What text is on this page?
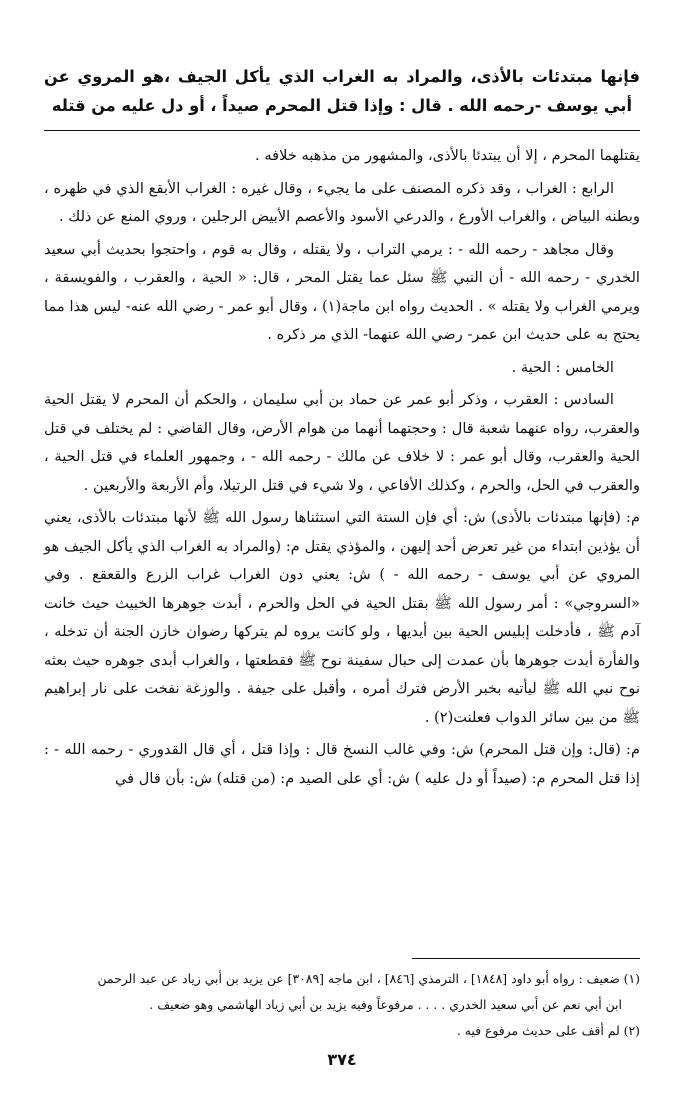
فإنها مبتدئات بالأذى، والمراد به الغراب الذي يأكل الجيف ،هو المروي عن أبي يوسف -رحمه الله . قال : وإذا قتل المحرم صيداً ، أو دل عليه من قتله

يقتلهما المحرم ، إلا أن يبتدئا بالأذى، والمشهور من مذهبه خلافه .

الرابع : الغراب ، وقد ذكره المصنف على ما يجيء ، وقال غيره : الغراب الأبقع الذي في ظهره ، وبطنه البياض ، والغراب الأورع ، والدرعي الأسود والأعصم الأبيض الرجلين ، وروي المنع عن ذلك .

وقال مجاهد - رحمه الله - : يرمي التراب ، ولا يقتله ، وقال به قوم ، واحتجوا بحديث أبي سعيد الخدري - رحمه الله - أن النبي ﷺ سئل عما يقتل المحر ، قال: « الحية ، والعقرب ، والفويسقة ، ويرمي الغراب ولا يقتله » . الحديث رواه ابن ماجة(١) ، وقال أبو عمر - رضي الله عنه- ليس هذا مما يحتج به على حديث ابن عمر- رضي الله عنهما- الذي مر ذكره .

الخامس : الحية .

السادس : العقرب ، وذكر أبو عمر عن حماد بن أبي سليمان ، والحكم أن المحرم لا يقتل الحية والعقرب، رواه عنهما شعبة قال : وحجتهما أنهما من هوام الأرض، وقال القاضي : لم يختلف في قتل الحية والعقرب، وقال أبو عمر : لا خلاف عن مالك - رحمه الله - ، وجمهور العلماء في قتل الحية ، والعقرب في الحل، والحرم ، وكذلك الأفاعي ، ولا شيء في قتل الرتيلا، وأم الأربعة والأربعين .

م: (فإنها مبتدئات بالأذى) ش: أي فإن الستة التي استثناها رسول الله ﷺ لأنها مبتدئات بالأذى، يعني أن يؤذين ابتداء من غير تعرض أحد إليهن ، والمؤذي يقتل م: (والمراد به الغراب الذي يأكل الجيف هو المروي عن أبي يوسف - رحمه الله - ) ش: يعني دون الغراب غراب الزرع والقعقع . وفي «السروجي» : أمر رسول الله ﷺ بقتل الحية في الحل والحرم ، أبدت جوهرها الخبيث حيث خانت آدم ﷺ ، فأدخلت إبليس الحية بين أيديها ، ولو كانت يروه لم يتركها رضوان خازن الجنة أن تدخله ، والفأرة أبدت جوهرها بأن عمدت إلى حبال سفينة نوح ﷺ فقطعتها ، والغراب أبدى جوهره حيث بعثه نوح نبي الله ﷺ ليأتيه بخبر الأرض فترك أمره ، وأقبل على جيفة . والوزغة نفخت على نار إبراهيم ﷺ من بين سائر الدواب فعلنت(٢) .

م: (قال: وإن قتل المحرم) ش: وفي غالب النسخ قال : وإذا قتل ، أي قال القدوري - رحمه الله - : إذا قتل المحرم م: (صيداً أو دل عليه ) ش: أي على الصيد م: (من قتله) ش: بأن قال في

(١) ضعيف : رواه أبو داود [١٨٤٨] ، الترمذي [٨٤٦] ، ابن ماجه [٣٠٨٩] عن يزيد بن أبي زياد عن عبد الرحمن

ابن أبي نعم عن أبي سعيد الخدري . . . . مرفوعاً وفيه يزيد بن أبي زياد الهاشمي وهو ضعيف .

(٢) لم أقف على حديث مرفوع فيه .

٣٧٤
